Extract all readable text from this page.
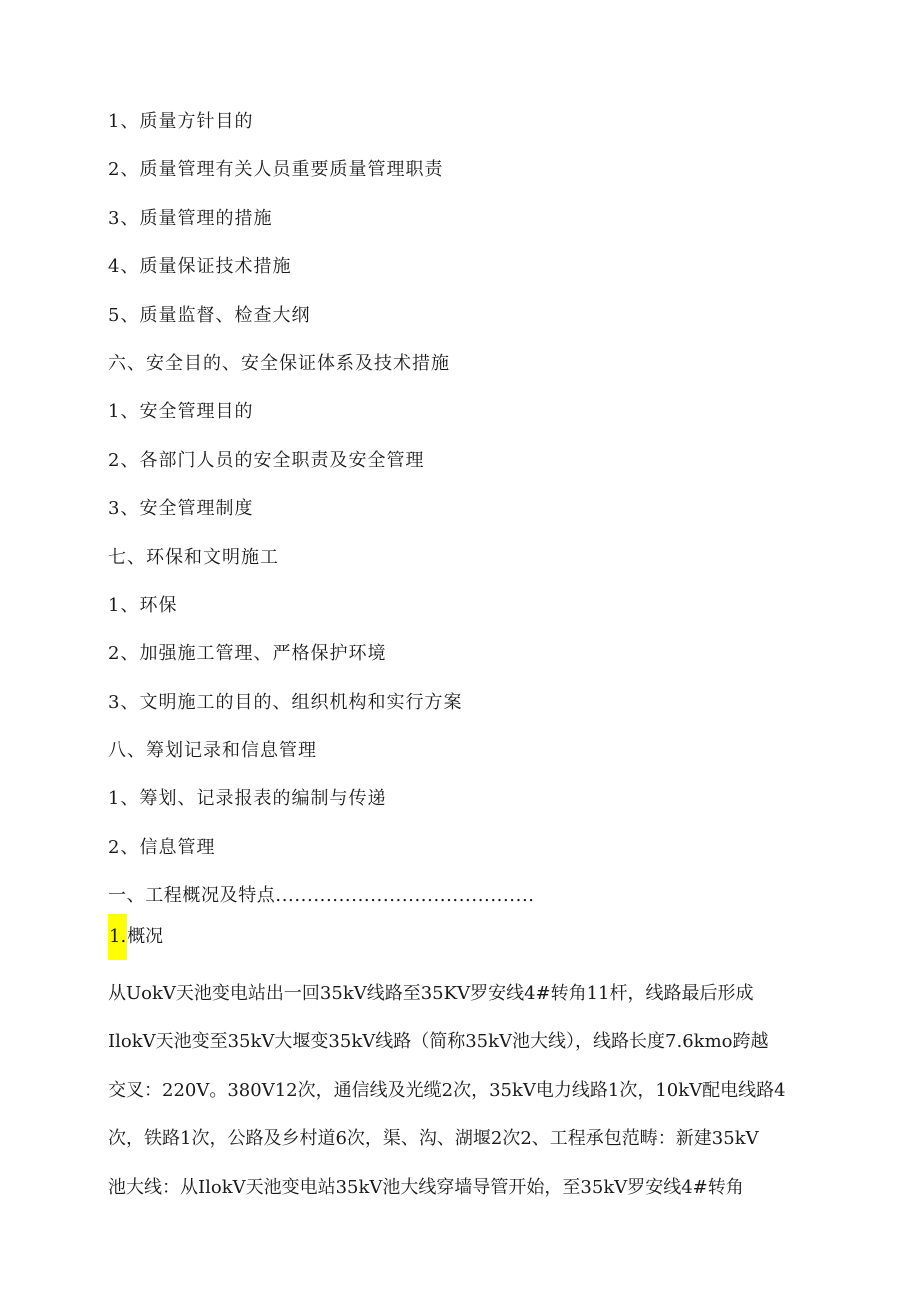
1、质量方针目的
2、质量管理有关人员重要质量管理职责
3、质量管理的措施
4、质量保证技术措施
5、质量监督、检查大纲
六、安全目的、安全保证体系及技术措施
1、安全管理目的
2、各部门人员的安全职责及安全管理
3、安全管理制度
七、环保和文明施工
1、环保
2、加强施工管理、严格保护环境
3、文明施工的目的、组织机构和实行方案
八、筹划记录和信息管理
1、筹划、记录报表的编制与传递
2、信息管理
一、工程概况及特点.........................................
1.概况

从UokV天池变电站出一回35kV线路至35KV罗安线4#转角11杆，线路最后形成
IlokV天池变至35kV大堰变35kV线路（简称35kV池大线），线路长度7.6kmo跨越
交叉：220V。380V12次，通信线及光缆2次，35kV电力线路1次，10kV配电线路4
次，铁路1次，公路及乡村道6次，渠、沟、湖堰2次2、工程承包范畴：新建35kV
池大线：从IlokV天池变电站35kV池大线穿墙导管开始，至35kV罗安线4#转角
